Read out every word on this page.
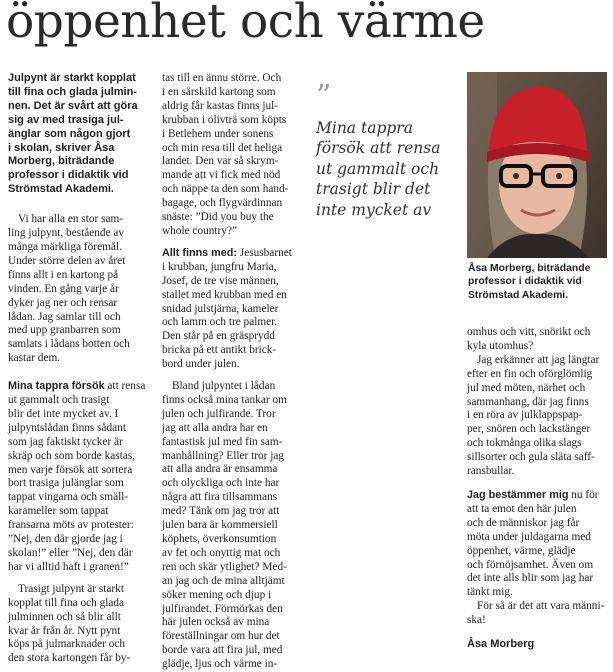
öppenhet och värme

Julpynt är starkt kopplat
till fina och glada julmin-
nen. Det är svårt att göra
sig av med trasiga jul-
änglar som någon gjort
i skolan, skriver Åsa
Morberg, biträdande
professor i didaktik vid
Strömstad Akademi.

Vi har alla en stor sam-
ling julpynt, bestående av
många märkliga föremål.
Under större delen av året
finns allt i en kartong på
vinden. En gång varje år
dyker jag ner och rensar
lådan. Jag samlar till och
med upp granbarren som
samlats i lådans botten och
kastar dem.

Mina tappra försök att rensa
ut gammalt och trasigt
blir det inte mycket av. I
julpyntslådan finns sådant
som jag faktiskt tycker är
skräp och som borde kastas,
men varje försök att sortera
bort trasiga julänglar som
tappat vingarna och smäll-
karameller som tappat
fransarna möts av protester:
”Nej, den där gjorde jag i
skolan!” eller ”Nej, den där
har vi alltid haft i granen!”

Trasigt julpynt är starkt
kopplat till fina och glada
julminnen och så blir allt
kvar år från år. Nytt pynt
köps på julmarknader och
den stora kartongen får by-

tas till en ännu större. Och
i en särskild kartong som
aldrig får kastas finns jul-
krubban i olivträ som köpts
i Betlehem under sonens
och min resa till det heliga
landet. Den var så skrym-
mande att vi fick med nöd
och näppe ta den som hand-
bagage, och flygvärdinnan
snäste: ”Did you buy the
whole country?”

Allt finns med: Jesusbarnet
i krubban, jungfru Maria,
Josef, de tre vise männen,
stallet med krubban med en
snidad julstjärna, kameler
och lamm och tre palmer.
Den står på en gräsprydd
bricka på ett antikt brick-
bord under julen.

Bland julpyntet i lådan
finns också mina tankar om
julen och julfirande. Tror
jag att alla andra har en
fantastisk jul med fin sam-
manhållning? Eller tror jag
att alla andra är ensamma
och olyckliga och inte har
några att fira tillsammans
med? Tänk om jag tror att
julen bara är kommersiell
köphets, överkonsumtion
av fet och onyttig mat och
ren och skär ytlighet? Med-
an jag och de mina alltjämt
söker mening och djup i
julfirandet. Förmörkas den
här julen också av mina
föreställningar om hur det
borde vara att fira jul, med
glädje, ljus och värme in-

”
Mina tappra
försök att rensa
ut gammalt och
trasigt blir det
inte mycket av
Åsa Morberg, biträdande
professor i didaktik vid
Strömstad Akademi.

omhus och vitt, snörikt och
kyla utomhus?

Jag erkänner att jag längtar
efter en fin och oförglömlig
jul med möten, närhet och
sammanhang, där jag finns
i en röra av julklappspap-
per, snören och lackstänger
och tokmånga olika slags
sillsorter och gula släta saff-
ransbullar.

Jag bestämmer mig nu för
att ta emot den här julen
och de människor jag får
möta under juldagarna med
öppenhet, värme, glädje
och förnöjsamhet. Även om
det inte alls blir som jag har
tänkt mig.

För så är det att vara männi-
ska!

Åsa Morberg
